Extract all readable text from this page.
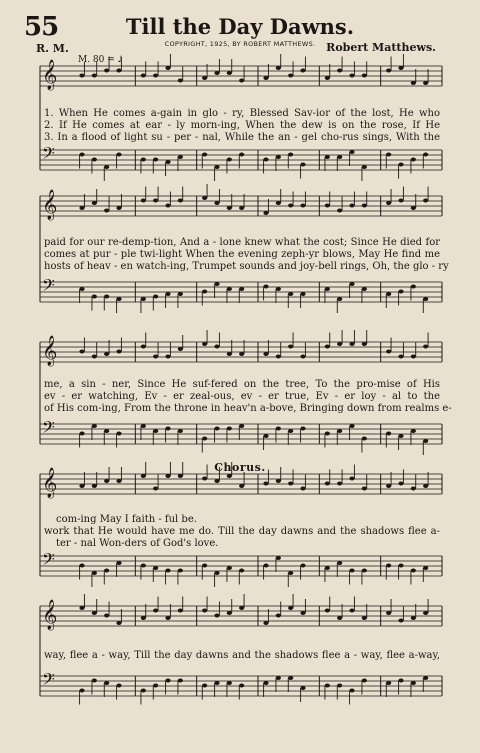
55	Till the Day Dawns.
COPYRIGHT, 1925, BY ROBERT MATTHEWS.
R. M.	Robert Matthews.
M. 80 = ♩
Chorus.
𝄞
𝄢
𝄞
𝄢
𝄞
𝄢
𝄞
𝄢
𝄞
𝄢
1. When He comes a-gain in glo - ry, Blessed Sav-ior of the lost, He who
2. If He comes at ear - ly morn-ing, When the dew is on the rose, If He
3. In a flood of light su - per - nal, While the an - gel cho-rus sings, With the
paid for our re-demp-tion, And a - lone knew what the cost; Since He died for
comes at pur - ple twi-light When the evening zeph-yr blows, May He find me
hosts of heav - en watch-ing, Trumpet sounds and joy-bell rings, Oh, the glo - ry
me, a sin - ner, Since He suf-fered on the tree, To the pro-mise of His
ev - er watching, Ev - er zeal-ous, ev - er true, Ev - er loy - al to the
of His com-ing, From the throne in heav'n a-bove, Bringing down from realms e-
com-ing May I faith - ful be.
work that He would have me do. Till the day dawns and the shadows flee a-
ter - nal Won-ders of God's love.
way, flee a - way, Till the day dawns and the shadows flee a - way, flee a-way,
